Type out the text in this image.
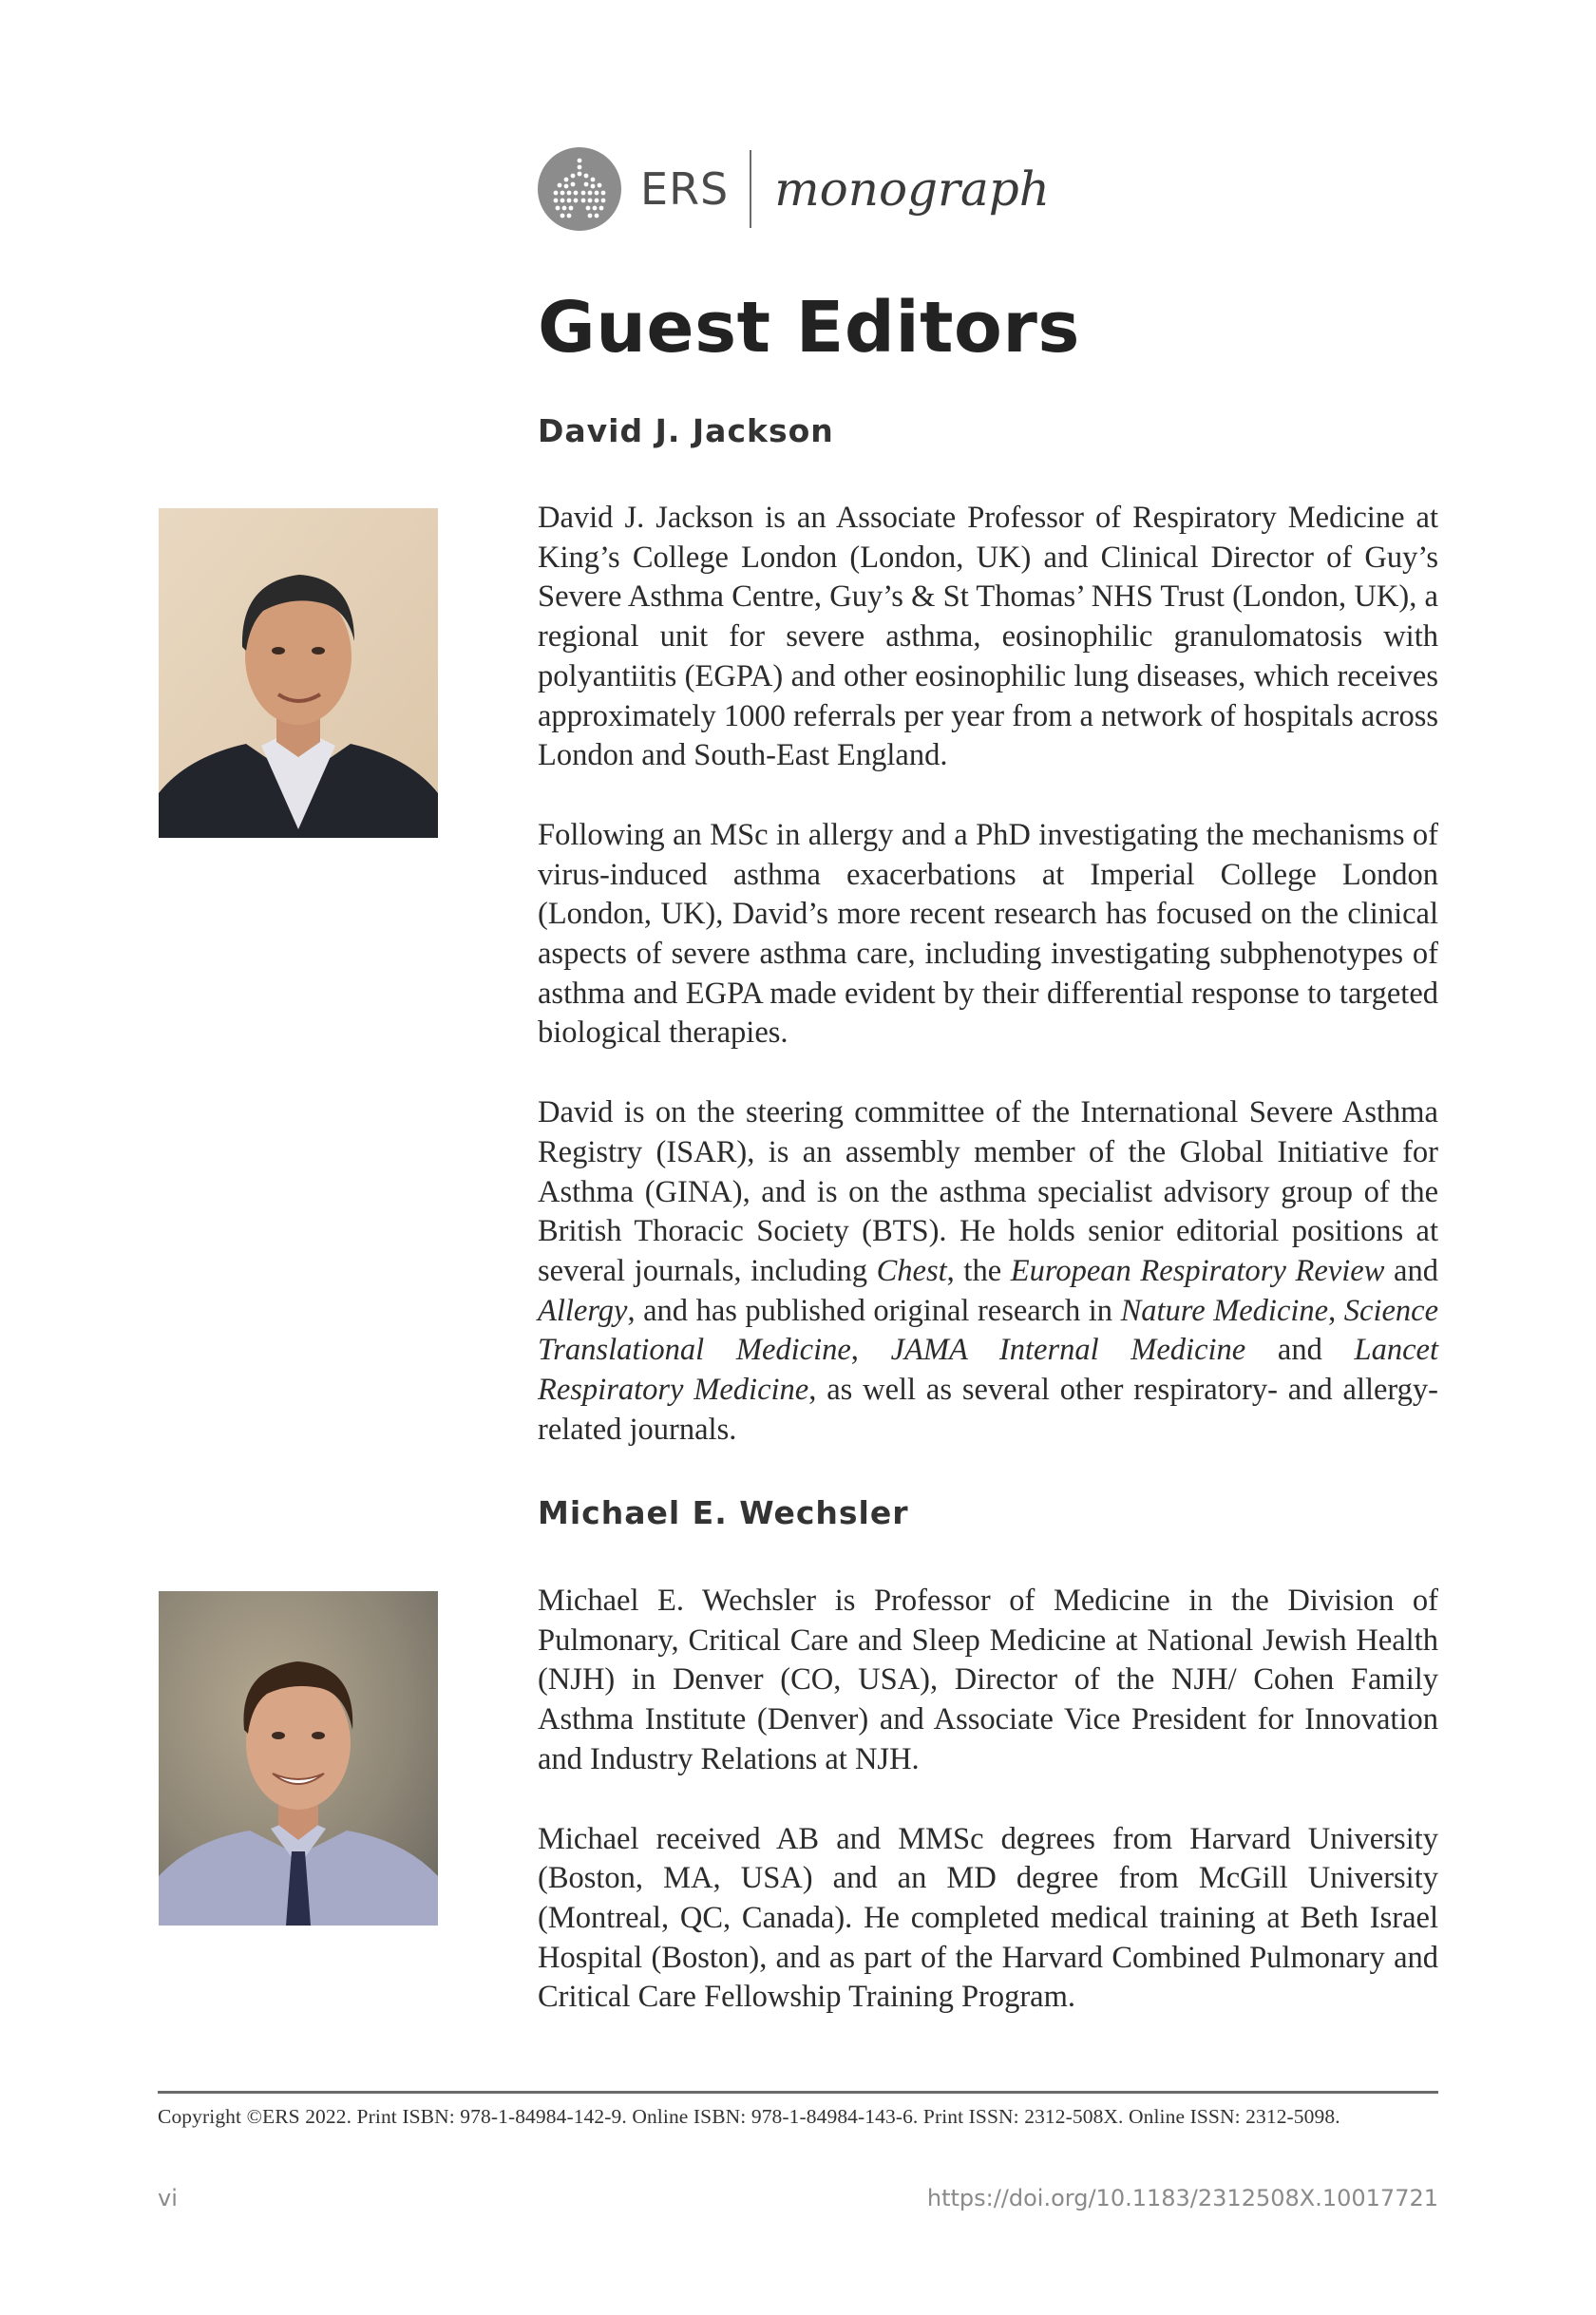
ERS monograph
Guest Editors
David J. Jackson

David J. Jackson is an Associate Professor of Respiratory Medicine at King’s College London (London, UK) and Clinical Director of Guy’s Severe Asthma Centre, Guy’s & St Thomas’ NHS Trust (London, UK), a regional unit for severe asthma, eosinophilic granulomatosis with polyantiitis (EGPA) and other eosinophilic lung diseases, which receives approximately 1000 referrals per year from a network of hospitals across London and South-East England.

Following an MSc in allergy and a PhD investigating the mechanisms of virus-induced asthma exacerbations at Imperial College London (London, UK), David’s more recent research has focused on the clinical aspects of severe asthma care, including investigating subphenotypes of asthma and EGPA made evident by their differential response to targeted biological therapies.

David is on the steering committee of the International Severe Asthma Registry (ISAR), is an assembly member of the Global Initiative for Asthma (GINA), and is on the asthma specialist advisory group of the British Thoracic Society (BTS). He holds senior editorial positions at several journals, including Chest, the European Respiratory Review and Allergy, and has published original research in Nature Medicine, Science Translational Medicine, JAMA Internal Medicine and Lancet Respiratory Medicine, as well as several other respiratory- and allergy-related journals.

Michael E. Wechsler

Michael E. Wechsler is Professor of Medicine in the Division of Pulmonary, Critical Care and Sleep Medicine at National Jewish Health (NJH) in Denver (CO, USA), Director of the NJH/ Cohen Family Asthma Institute (Denver) and Associate Vice President for Innovation and Industry Relations at NJH.

Michael received AB and MMSc degrees from Harvard University (Boston, MA, USA) and an MD degree from McGill University (Montreal, QC, Canada). He completed medical training at Beth Israel Hospital (Boston), and as part of the Harvard Combined Pulmonary and Critical Care Fellowship Training Program.

Copyright ©ERS 2022. Print ISBN: 978-1-84984-142-9. Online ISBN: 978-1-84984-143-6. Print ISSN: 2312-508X. Online ISSN: 2312-5098.
vi	https://doi.org/10.1183/2312508X.10017721
